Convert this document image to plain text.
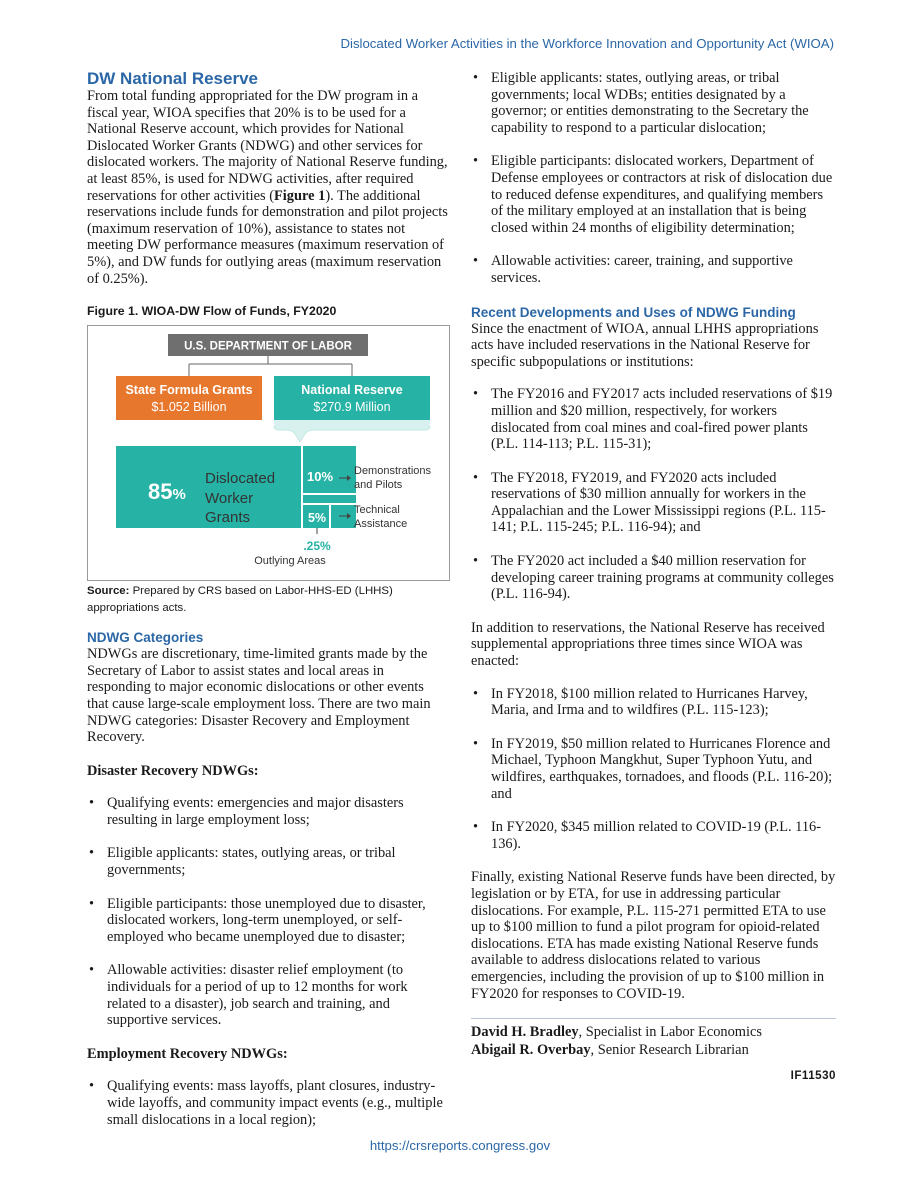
Dislocated Worker Activities in the Workforce Innovation and Opportunity Act (WIOA)
DW National Reserve
From total funding appropriated for the DW program in a fiscal year, WIOA specifies that 20% is to be used for a National Reserve account, which provides for National Dislocated Worker Grants (NDWG) and other services for dislocated workers. The majority of National Reserve funding, at least 85%, is used for NDWG activities, after required reservations for other activities (Figure 1). The additional reservations include funds for demonstration and pilot projects (maximum reservation of 10%), assistance to states not meeting DW performance measures (maximum reservation of 5%), and DW funds for outlying areas (maximum reservation of 0.25%).
Figure 1. WIOA-DW Flow of Funds, FY2020
U.S. DEPARTMENT OF LABOR
State Formula Grants
$1.052 Billion
National Reserve
$270.9 Million
85%
Dislocated
Worker
Grants
10%
5%
Demonstrations
and Pilots
Technical
Assistance
.25%
Outlying Areas
Source: Prepared by CRS based on Labor-HHS-ED (LHHS) appropriations acts.
NDWG Categories
NDWGs are discretionary, time-limited grants made by the Secretary of Labor to assist states and local areas in responding to major economic dislocations or other events that cause large-scale employment loss. There are two main NDWG categories: Disaster Recovery and Employment Recovery.
Disaster Recovery NDWGs:
• Qualifying events: emergencies and major disasters resulting in large employment loss;
• Eligible applicants: states, outlying areas, or tribal governments;
• Eligible participants: those unemployed due to disaster, dislocated workers, long-term unemployed, or self-employed who became unemployed due to disaster;
• Allowable activities: disaster relief employment (to individuals for a period of up to 12 months for work related to a disaster), job search and training, and supportive services.
Employment Recovery NDWGs:
• Qualifying events: mass layoffs, plant closures, industry-wide layoffs, and community impact events (e.g., multiple small dislocations in a local region);
• Eligible applicants: states, outlying areas, or tribal governments; local WDBs; entities designated by a governor; or entities demonstrating to the Secretary the capability to respond to a particular dislocation;
• Eligible participants: dislocated workers, Department of Defense employees or contractors at risk of dislocation due to reduced defense expenditures, and qualifying members of the military employed at an installation that is being closed within 24 months of eligibility determination;
• Allowable activities: career, training, and supportive services.
Recent Developments and Uses of NDWG Funding
Since the enactment of WIOA, annual LHHS appropriations acts have included reservations in the National Reserve for specific subpopulations or institutions:
• The FY2016 and FY2017 acts included reservations of $19 million and $20 million, respectively, for workers dislocated from coal mines and coal-fired power plants (P.L. 114-113; P.L. 115-31);
• The FY2018, FY2019, and FY2020 acts included reservations of $30 million annually for workers in the Appalachian and the Lower Mississippi regions (P.L. 115-141; P.L. 115-245; P.L. 116-94); and
• The FY2020 act included a $40 million reservation for developing career training programs at community colleges (P.L. 116-94).
In addition to reservations, the National Reserve has received supplemental appropriations three times since WIOA was enacted:
• In FY2018, $100 million related to Hurricanes Harvey, Maria, and Irma and to wildfires (P.L. 115-123);
• In FY2019, $50 million related to Hurricanes Florence and Michael, Typhoon Mangkhut, Super Typhoon Yutu, and wildfires, earthquakes, tornadoes, and floods (P.L. 116-20); and
• In FY2020, $345 million related to COVID-19 (P.L. 116-136).
Finally, existing National Reserve funds have been directed, by legislation or by ETA, for use in addressing particular dislocations. For example, P.L. 115-271 permitted ETA to use up to $100 million to fund a pilot program for opioid-related dislocations. ETA has made existing National Reserve funds available to address dislocations related to various emergencies, including the provision of up to $100 million in FY2020 for responses to COVID-19.
David H. Bradley, Specialist in Labor Economics
Abigail R. Overbay, Senior Research Librarian
IF11530
https://crsreports.congress.gov
